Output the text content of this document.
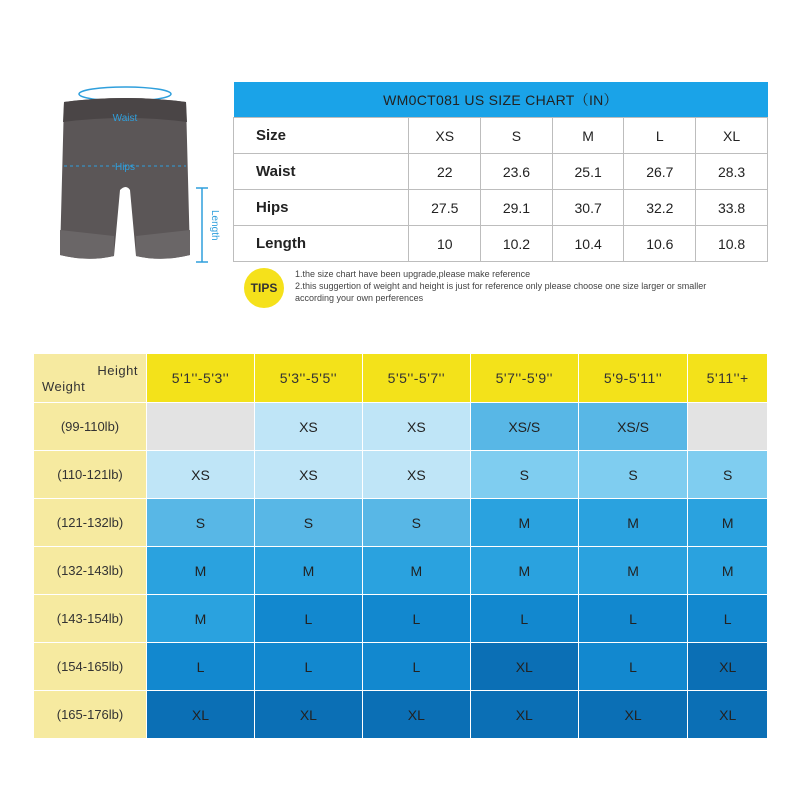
Waist
Hips
Length
WM0CT081 US SIZE CHART（IN）					
Size	XS	S	M	L	XL
Waist	22	23.6	25.1	26.7	28.3
Hips	27.5	29.1	30.7	32.2	33.8
Length	10	10.2	10.4	10.6	10.8
TIPS
1.the size chart have been upgrade,please make reference
2.this suggertion of weight and height is just for reference only please choose one size larger or smaller according your own perferences
Height
Weight	5'1''-5'3''	5'3''-5'5''	5'5''-5'7''	5'7''-5'9''	5'9-5'11''	5'11''+
(99-110lb)		XS	XS	XS/S	XS/S	
(110-121lb)	XS	XS	XS	S	S	S
(121-132lb)	S	S	S	M	M	M
(132-143lb)	M	M	M	M	M	M
(143-154lb)	M	L	L	L	L	L
(154-165lb)	L	L	L	XL	L	XL
(165-176lb)	XL	XL	XL	XL	XL	XL
